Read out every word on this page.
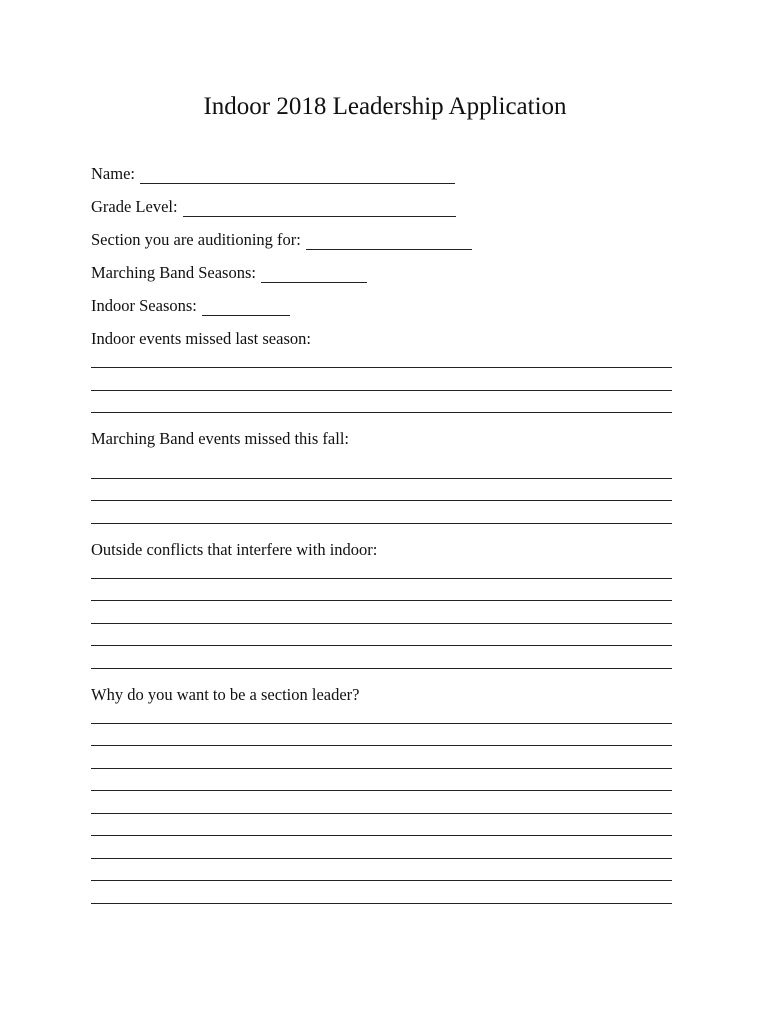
Indoor 2018 Leadership Application
Name:
Grade Level:
Section you are auditioning for:
Marching Band Seasons:
Indoor Seasons:
Indoor events missed last season:
Marching Band events missed this fall:
Outside conflicts that interfere with indoor:
Why do you want to be a section leader?
